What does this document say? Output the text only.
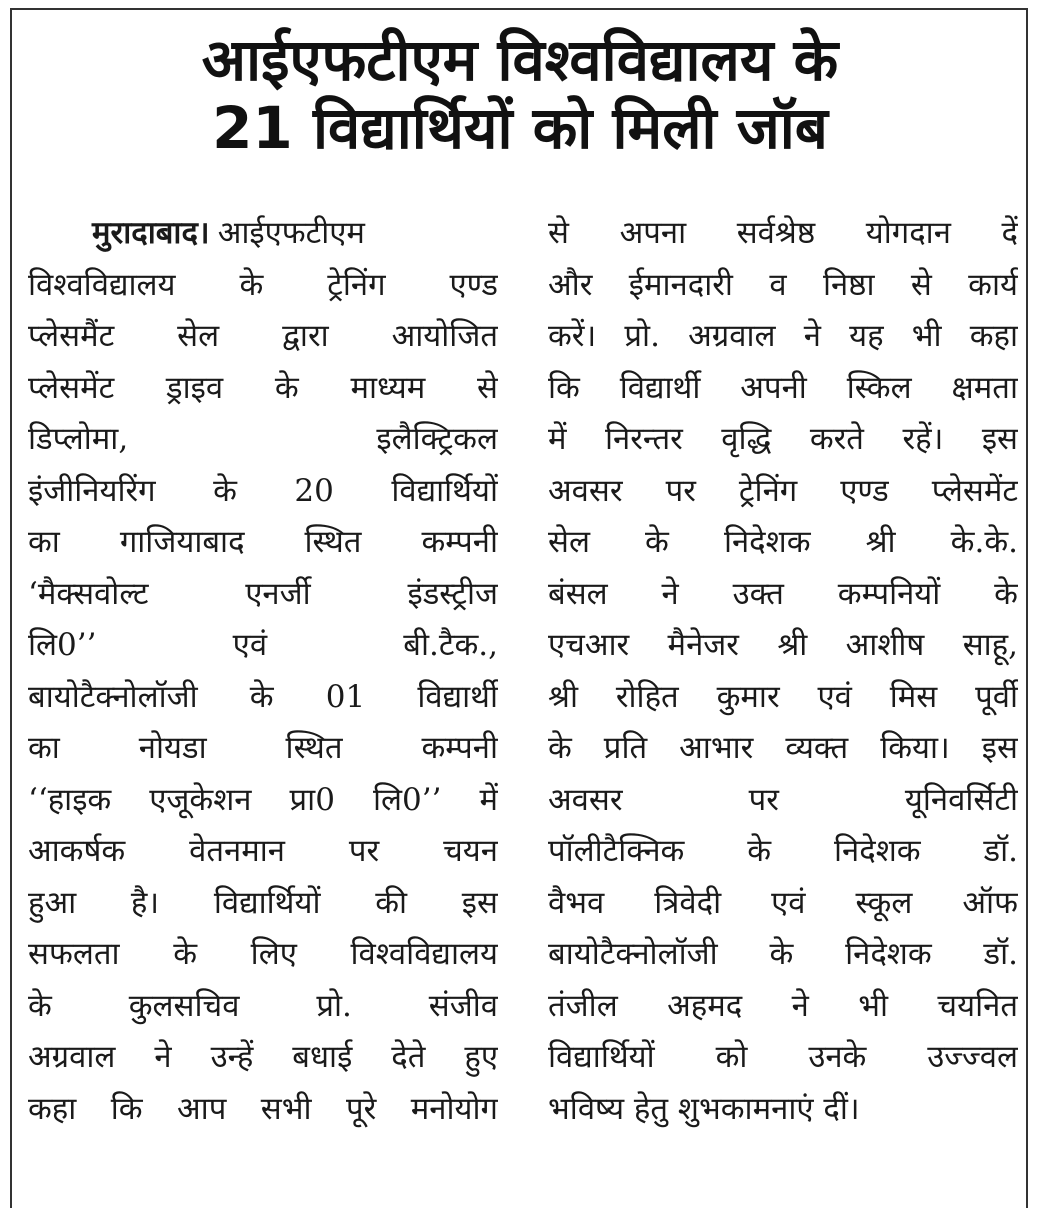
आईएफटीएम विश्वविद्यालय के
21 विद्यार्थियों को मिली जॉब
मुरादाबाद। आईएफटीएम
विश्वविद्यालय के ट्रेनिंग एण्ड
प्लेसमैंट सेल द्वारा आयोजित
प्लेसमेंट ड्राइव के माध्यम से
डिप्लोमा, इलैक्ट्रिकल
इंजीनियरिंग के 20 विद्यार्थियों
का गाजियाबाद स्थित कम्पनी
‘मैक्सवोल्ट एनर्जी इंडस्ट्रीज
लि0’’ एवं बी.टैक.,
बायोटैक्नोलॉजी के 01 विद्यार्थी
का नोयडा स्थित कम्पनी
‘‘हाइक एजूकेशन प्रा0 लि0’’ में
आकर्षक वेतनमान पर चयन
हुआ है। विद्यार्थियों की इस
सफलता के लिए विश्वविद्यालय
के कुलसचिव प्रो. संजीव
अग्रवाल ने उन्हें बधाई देते हुए
कहा कि आप सभी पूरे मनोयोग
से अपना सर्वश्रेष्ठ योगदान दें
और ईमानदारी व निष्ठा से कार्य
करें। प्रो. अग्रवाल ने यह भी कहा
कि विद्यार्थी अपनी स्किल क्षमता
में निरन्तर वृद्धि करते रहें। इस
अवसर पर ट्रेनिंग एण्ड प्लेसमेंट
सेल के निदेशक श्री के.के.
बंसल ने उक्त कम्पनियों के
एचआर मैनेजर श्री आशीष साहू,
श्री रोहित कुमार एवं मिस पूर्वी
के प्रति आभार व्यक्त किया। इस
अवसर पर यूनिवर्सिटी
पॉलीटैक्निक के निदेशक डॉ.
वैभव त्रिवेदी एवं स्कूल ऑफ
बायोटैक्नोलॉजी के निदेशक डॉ.
तंजील अहमद ने भी चयनित
विद्यार्थियों को उनके उज्ज्वल
भविष्य हेतु शुभकामनाएं दीं।
